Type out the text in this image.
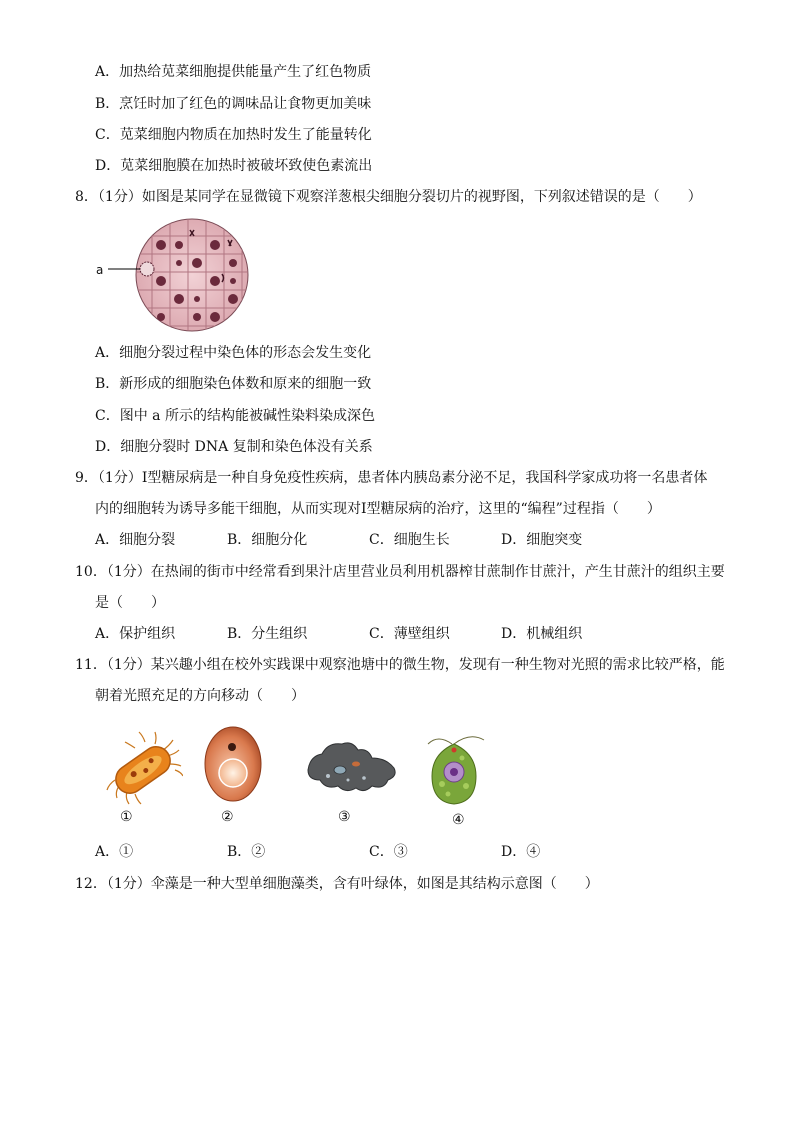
A．加热给苋菜细胞提供能量产生了红色物质
B．烹饪时加了红色的调味品让食物更加美味
C．苋菜细胞内物质在加热时发生了能量转化
D．苋菜细胞膜在加热时被破坏致使色素流出
8．（1分）如图是某同学在显微镜下观察洋葱根尖细胞分裂切片的视野图，下列叙述错误的是（　　）
a
A．细胞分裂过程中染色体的形态会发生变化
B．新形成的细胞染色体数和原来的细胞一致
C．图中 a 所示的结构能被碱性染料染成深色
D．细胞分裂时 DNA 复制和染色体没有关系
9．（1分）Ⅰ型糖尿病是一种自身免疫性疾病，患者体内胰岛素分泌不足，我国科学家成功将一名患者体
内的细胞转为诱导多能干细胞，从而实现对Ⅰ型糖尿病的治疗，这里的“编程”过程指（　　）
A．细胞分裂	B．细胞分化	C．细胞生长	D．细胞突变
10．（1分）在热闹的街市中经常看到果汁店里营业员利用机器榨甘蔗制作甘蔗汁，产生甘蔗汁的组织主要
是（　　）
A．保护组织	B．分生组织	C．薄壁组织	D．机械组织
11．（1分）某兴趣小组在校外实践课中观察池塘中的微生物，发现有一种生物对光照的需求比较严格，能
朝着光照充足的方向移动（　　）
①	②	③	④
A．①	B．②	C．③	D．④
12．（1分）伞藻是一种大型单细胞藻类，含有叶绿体，如图是其结构示意图（　　）
